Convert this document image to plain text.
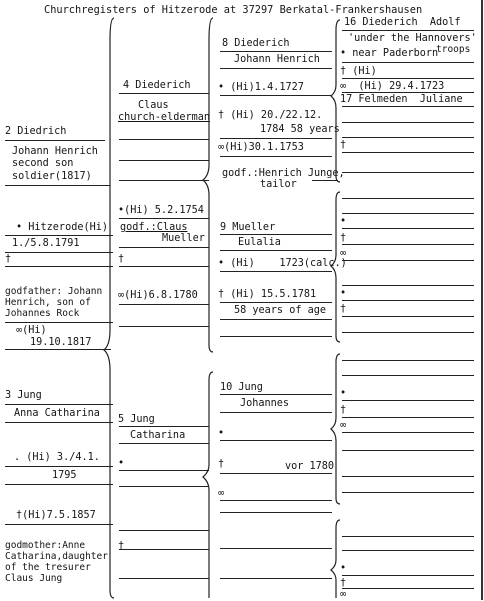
Churchregisters of Hitzerode at 37297 Berkatal-Frankershausen
2 Diedrich
Johann Henrich
second son
soldier(1817)
• Hitzerode(Hi)
1./5.8.1791
†
godfather: Johann
Henrich, son of
Johannes Rock
∞(Hi)
19.10.1817
3 Jung
Anna Catharina
. (Hi) 3./4.1.
1795
†(Hi)7.5.1857
godmother:Anne
Catharina,daughter
of the tresurer
Claus Jung
4 Diederich
Claus
church-elderman
•(Hi) 5.2.1754
godf.:Claus
Mueller
†
∞(Hi)6.8.1780
5 Jung
Catharina
•
†
8 Diederich
Johann Henrich
• (Hi)1.4.1727
† (Hi) 20./22.12.
1784 58 years
∞(Hi)30.1.1753
godf.:Henrich Junge,
tailor
9 Mueller
Eulalia
• (Hi)    1723(calc.)
† (Hi) 15.5.1781
58 years of age
10 Jung
Johannes
•
†	vor 1780
∞
16 Diederich  Adolf
'under the Hannovers'
troops
• near Paderborn
† (Hi)
∞  (Hi) 29.4.1723
17 Felmeden  Juliane
†
•
†
∞
•
†
•
†
∞
•
†
∞
